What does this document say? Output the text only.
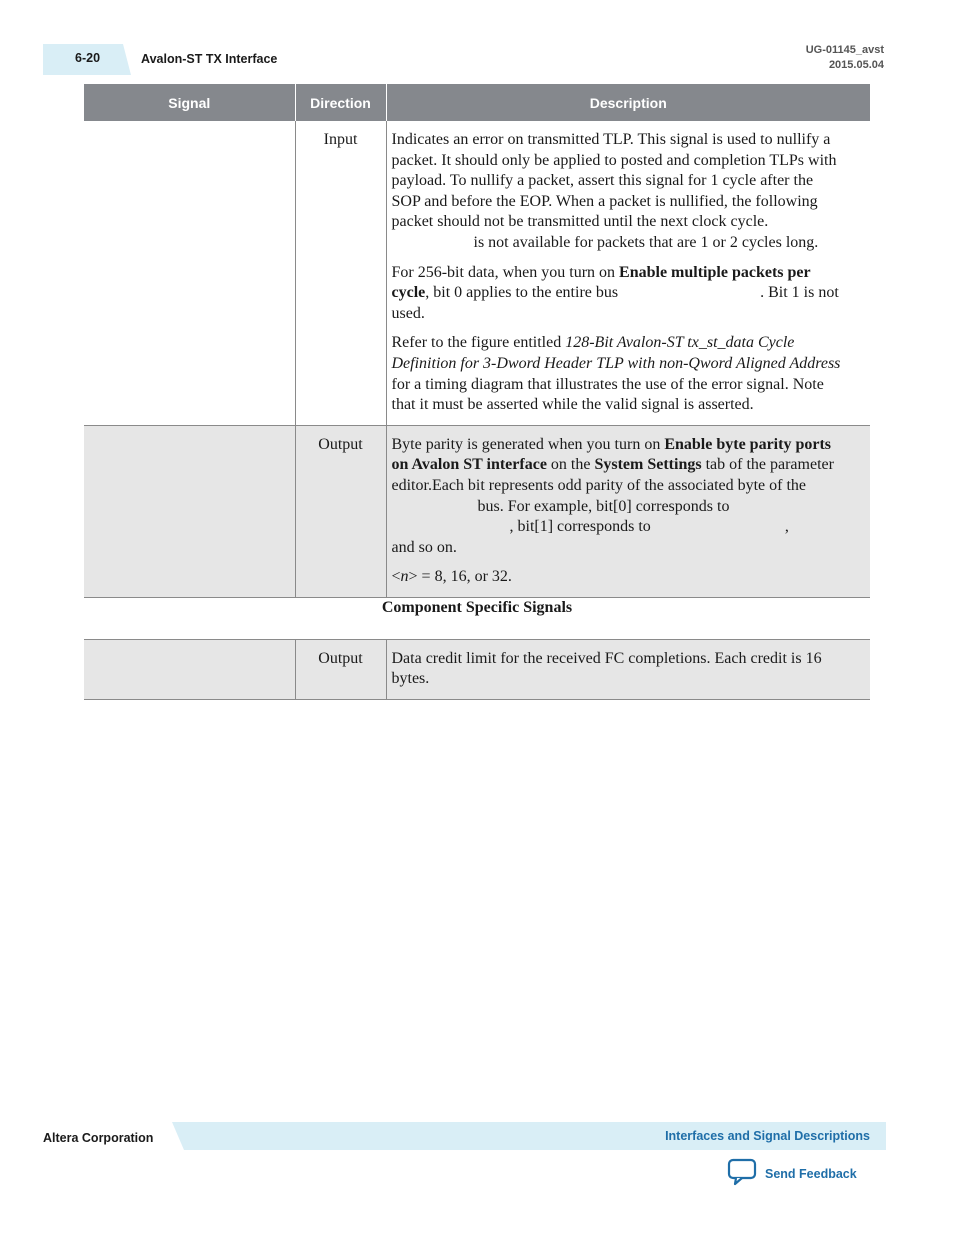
6-20	Avalon-ST TX Interface
UG-01145_avst
2015.05.04
Signal	Direction	Description
	Input	Indicates an error on transmitted TLP. This signal is used to nullify a packet. It should only be applied to posted and completion TLPs with payload. To nullify a packet, assert this signal for 1 cycle after the SOP and before the EOP. When a packet is nullified, the following packet should not be transmitted until the next clock cycle.  is not available for packets that are 1 or 2 cycles long.

For 256-bit data, when you turn on Enable multiple packets per cycle, bit 0 applies to the entire bus . Bit 1 is not used.

Refer to the figure entitled 128-Bit Avalon-ST tx_st_data Cycle Definition for 3-Dword Header TLP with non-Qword Aligned Address for a timing diagram that illustrates the use of the error signal. Note that it must be asserted while the valid signal is asserted.

	Output	Byte parity is generated when you turn on Enable byte parity ports on Avalon ST interface on the System Settings tab of the parameter editor.Each bit represents odd parity of the associated byte of the  bus. For example, bit[0] corresponds to , bit[1] corresponds to ,
and so on.

<n> = 8, 16, or 32.

Component Specific Signals		
	Output	Data credit limit for the received FC completions. Each credit is 16 bytes.

Altera Corporation	Interfaces and Signal Descriptions
Send Feedback
